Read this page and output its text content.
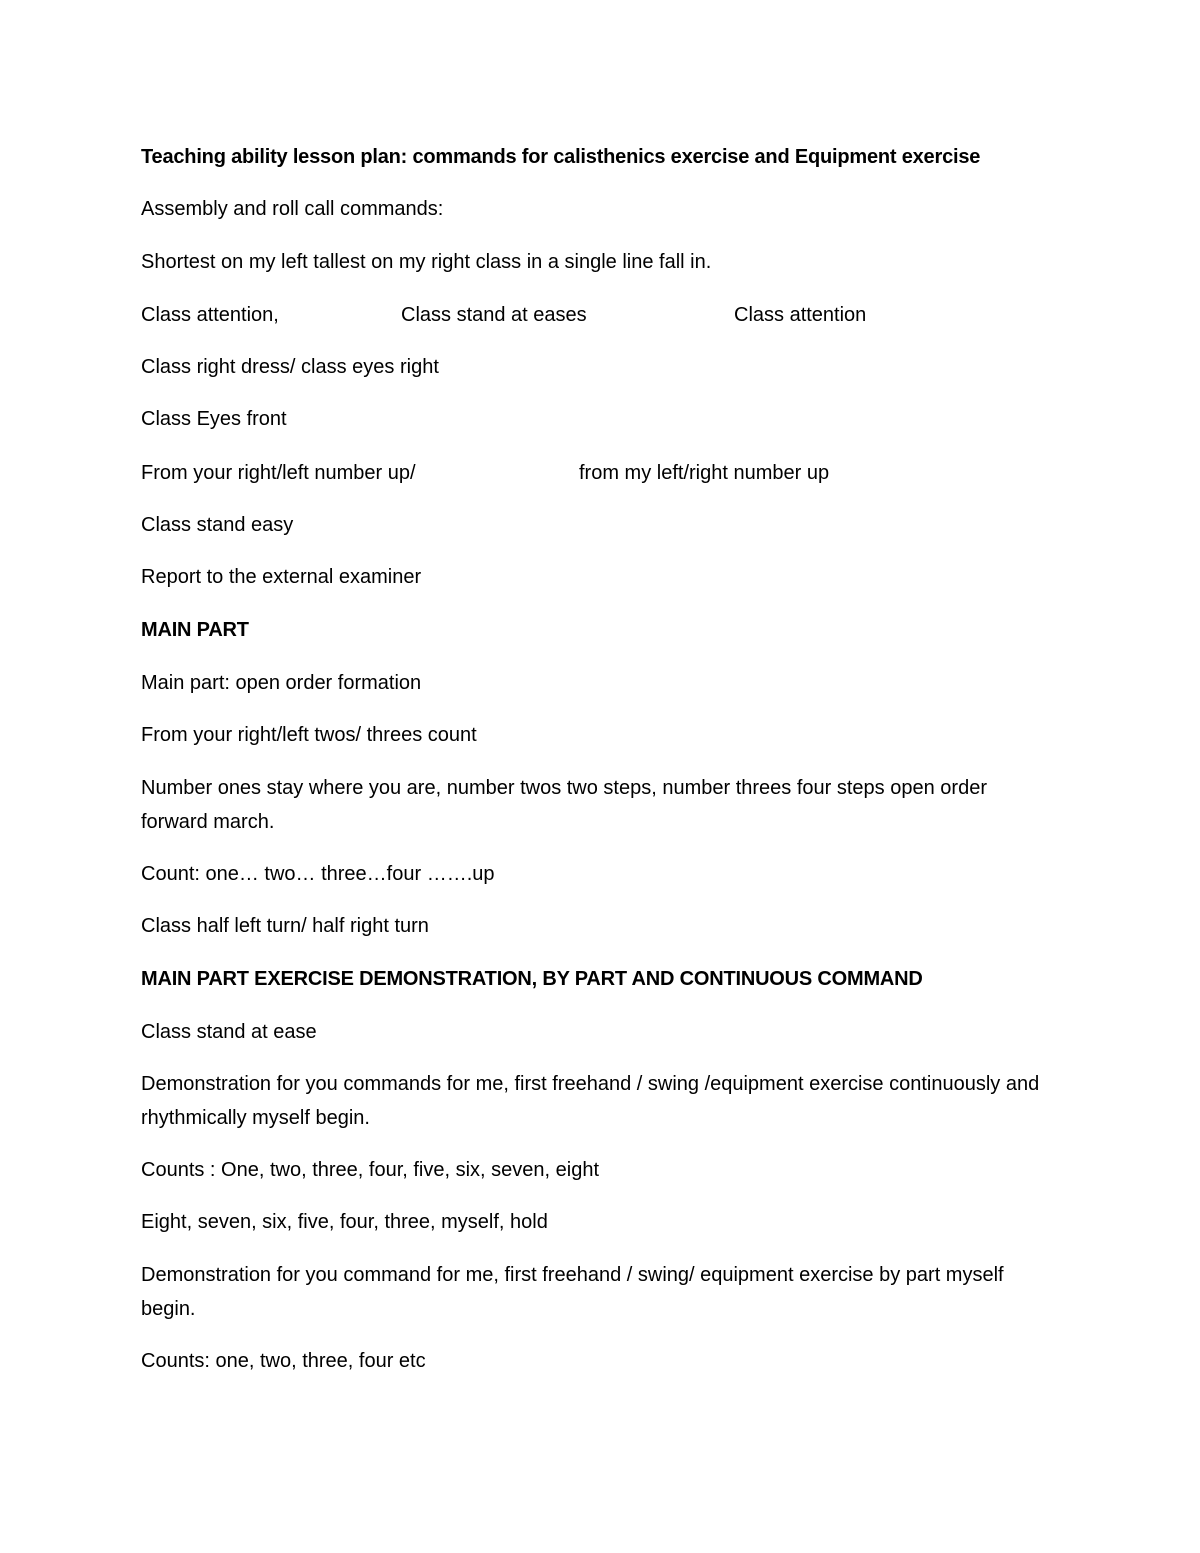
Teaching ability lesson plan: commands for calisthenics exercise and Equipment exercise

Assembly and roll call commands:

Shortest on my left tallest on my right class in a single line fall in.

Class attention,	Class stand at eases	Class attention

Class right dress/ class eyes right

Class Eyes front

From your right/left number up/	from my left/right number up

Class stand easy

Report to the external examiner

MAIN PART

Main part: open order formation

From your right/left twos/ threes count

Number ones stay where you are, number twos two steps, number threes four steps open order forward march.

Count: one… two… three…four …….up

Class half left turn/ half right turn

MAIN PART EXERCISE DEMONSTRATION, BY PART AND CONTINUOUS COMMAND

Class stand at ease

Demonstration for you commands for me, first freehand / swing /equipment exercise continuously and rhythmically myself begin.

Counts : One, two, three, four, five, six, seven, eight

Eight, seven, six, five, four, three, myself, hold

Demonstration for you command for me, first freehand / swing/ equipment exercise by part myself begin.

Counts: one, two, three, four etc
